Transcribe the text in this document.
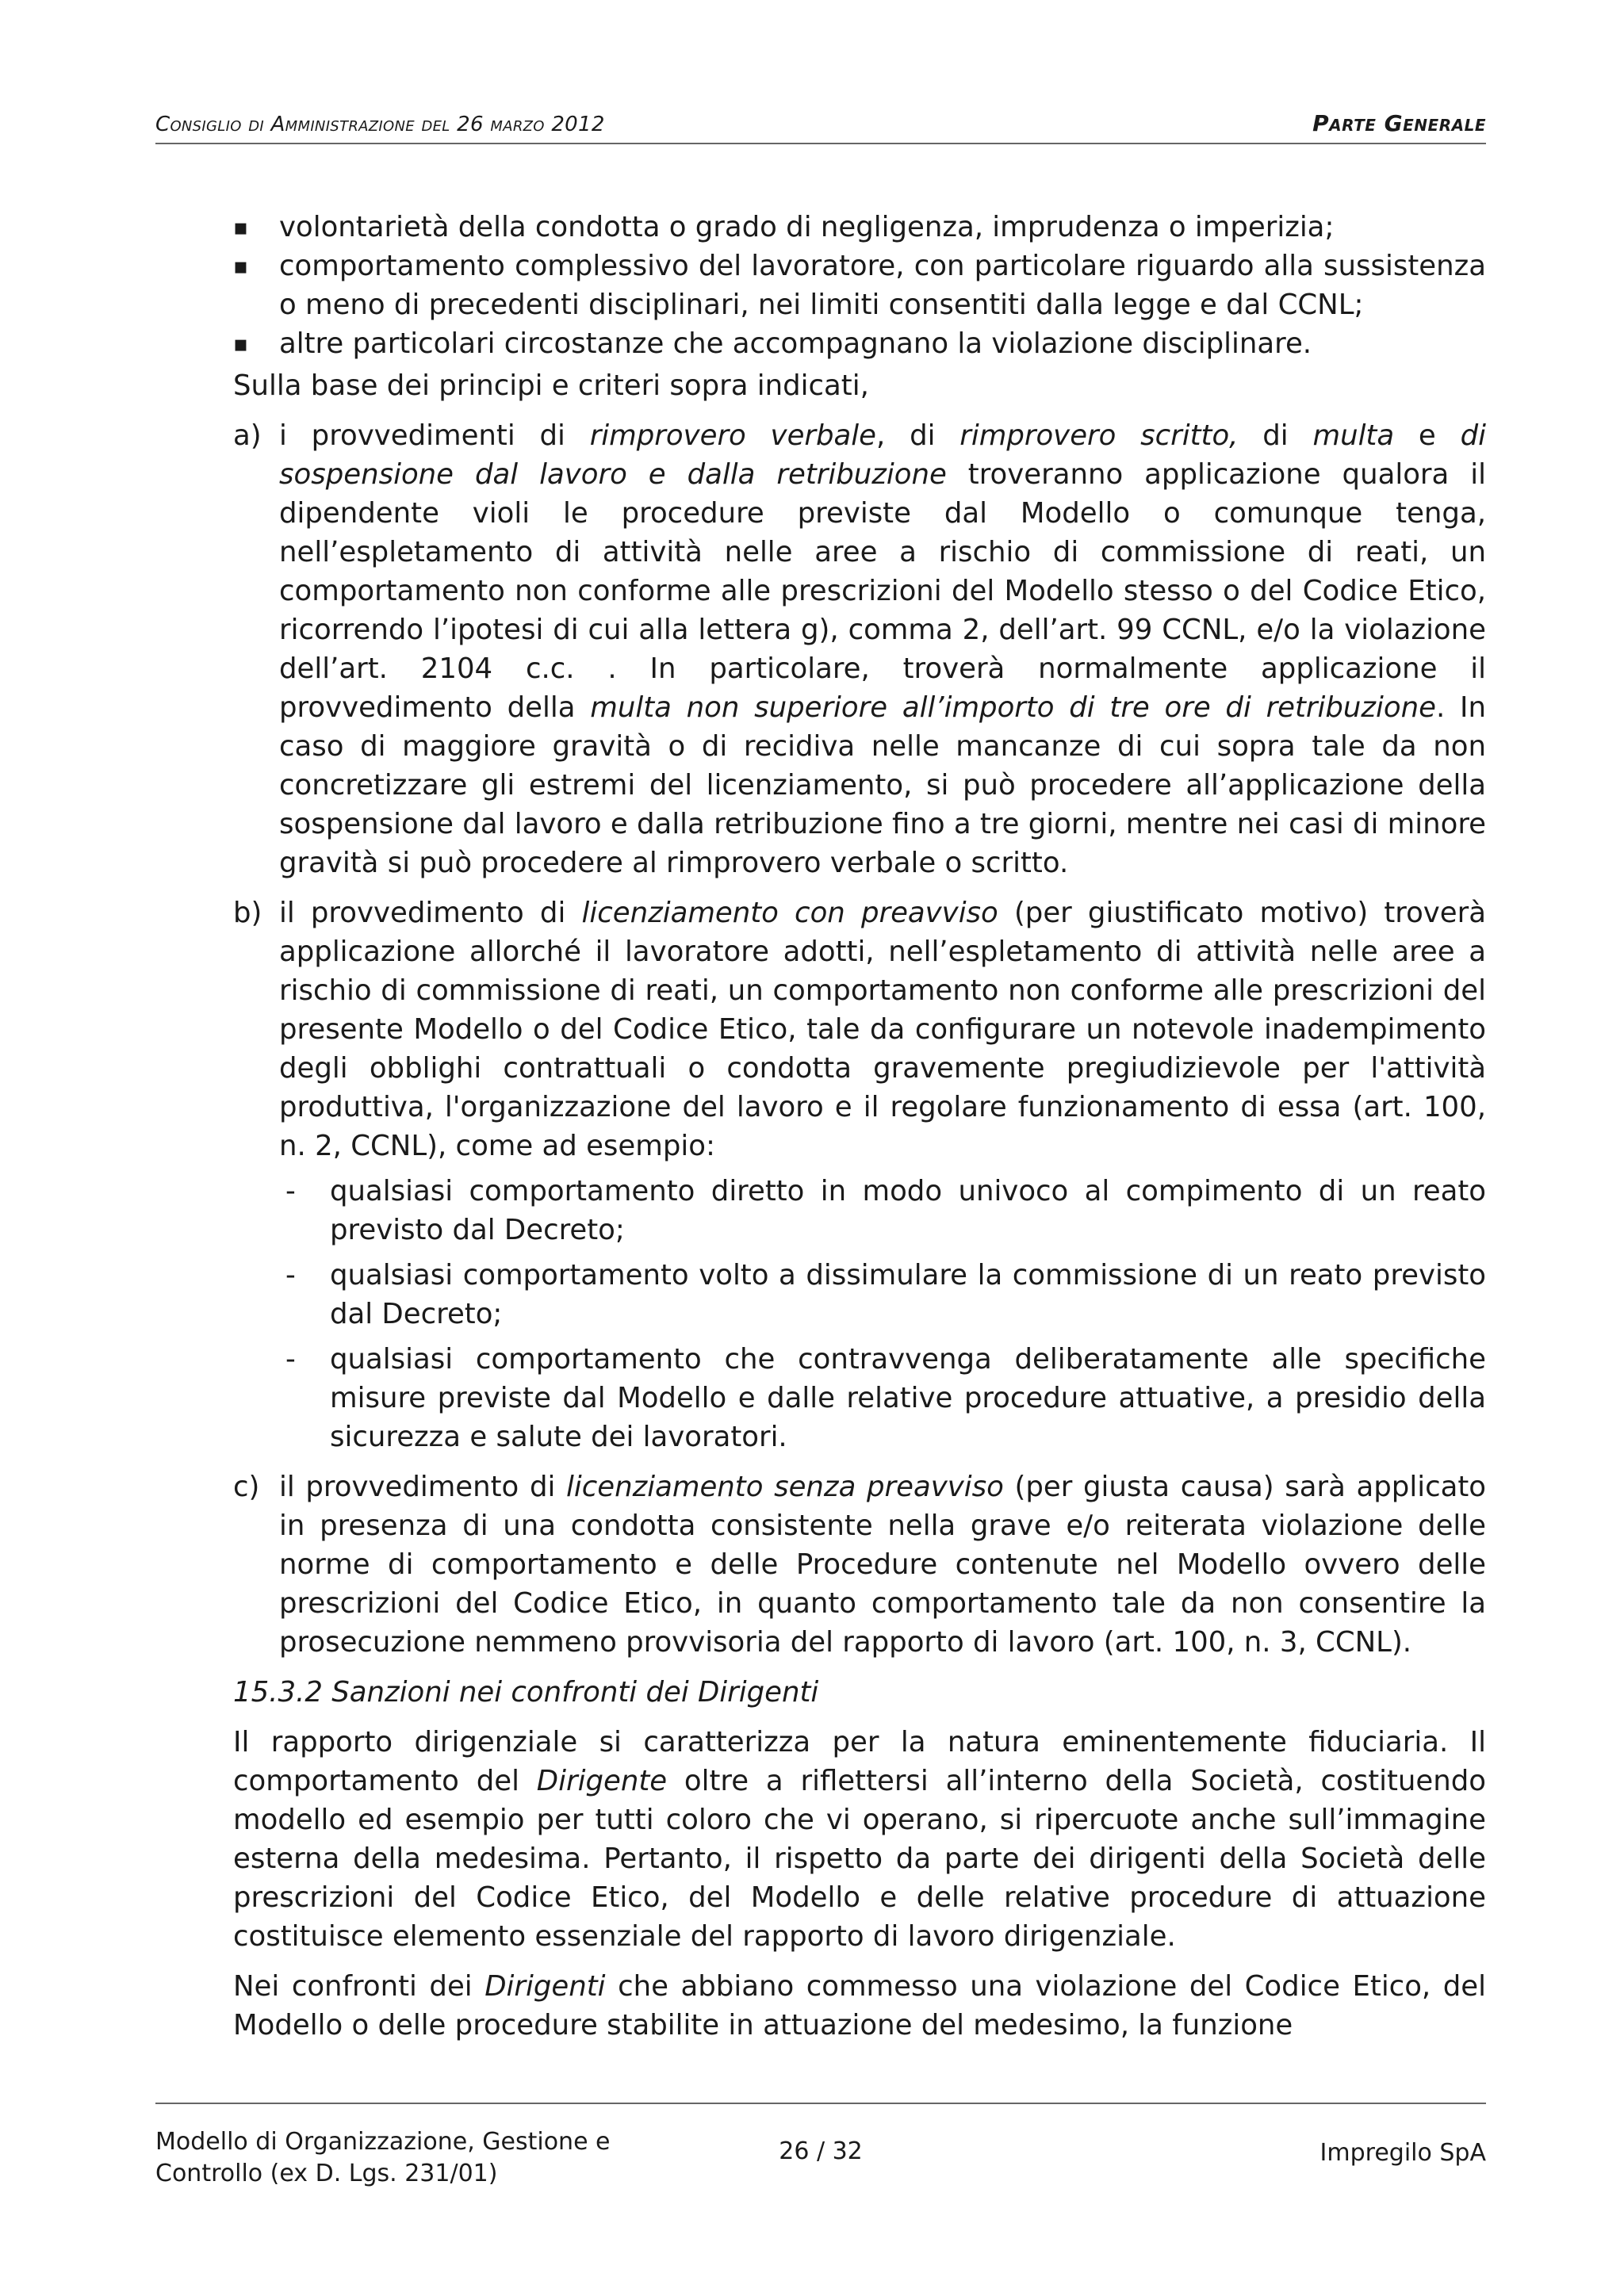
Consiglio di Amministrazione del 26 marzo 2012	Parte Generale
▪ volontarietà della condotta o grado di negligenza, imprudenza o imperizia;
▪ comportamento complessivo del lavoratore, con particolare riguardo alla sussistenza o meno di precedenti disciplinari, nei limiti consentiti dalla legge e dal CCNL;
▪ altre particolari circostanze che accompagnano la violazione disciplinare.

Sulla base dei principi e criteri sopra indicati,

a) i provvedimenti di rimprovero verbale, di rimprovero scritto, di multa e di sospensione dal lavoro e dalla retribuzione troveranno applicazione qualora il dipendente violi le procedure previste dal Modello o comunque tenga, nell’espletamento di attività nelle aree a rischio di commissione di reati, un comportamento non conforme alle prescrizioni del Modello stesso o del Codice Etico, ricorrendo l’ipotesi di cui alla lettera g), comma 2, dell’art. 99 CCNL, e/o la violazione dell’art. 2104 c.c. . In particolare, troverà normalmente applicazione il provvedimento della multa non superiore all’importo di tre ore di retribuzione. In caso di maggiore gravità o di recidiva nelle mancanze di cui sopra tale da non concretizzare gli estremi del licenziamento, si può procedere all’applicazione della sospensione dal lavoro e dalla retribuzione fino a tre giorni, mentre nei casi di minore gravità si può procedere al rimprovero verbale o scritto.
b) il provvedimento di licenziamento con preavviso (per giustificato motivo) troverà applicazione allorché il lavoratore adotti, nell’espletamento di attività nelle aree a rischio di commissione di reati, un comportamento non conforme alle prescrizioni del presente Modello o del Codice Etico, tale da configurare un notevole inadempimento degli obblighi contrattuali o condotta gravemente pregiudizievole per l'attività produttiva, l'organizzazione del lavoro e il regolare funzionamento di essa (art. 100, n. 2, CCNL), come ad esempio:
- qualsiasi comportamento diretto in modo univoco al compimento di un reato previsto dal Decreto;
- qualsiasi comportamento volto a dissimulare la commissione di un reato previsto dal Decreto;
- qualsiasi comportamento che contravvenga deliberatamente alle specifiche misure previste dal Modello e dalle relative procedure attuative, a presidio della sicurezza e salute dei lavoratori.
c) il provvedimento di licenziamento senza preavviso (per giusta causa) sarà applicato in presenza di una condotta consistente nella grave e/o reiterata violazione delle norme di comportamento e delle Procedure contenute nel Modello ovvero delle prescrizioni del Codice Etico, in quanto comportamento tale da non consentire la prosecuzione nemmeno provvisoria del rapporto di lavoro (art. 100, n. 3, CCNL).

15.3.2 Sanzioni nei confronti dei Dirigenti

Il rapporto dirigenziale si caratterizza per la natura eminentemente fiduciaria. Il comportamento del Dirigente oltre a riflettersi all’interno della Società, costituendo modello ed esempio per tutti coloro che vi operano, si ripercuote anche sull’immagine esterna della medesima. Pertanto, il rispetto da parte dei dirigenti della Società delle prescrizioni del Codice Etico, del Modello e delle relative procedure di attuazione costituisce elemento essenziale del rapporto di lavoro dirigenziale.

Nei confronti dei Dirigenti che abbiano commesso una violazione del Codice Etico, del Modello o delle procedure stabilite in attuazione del medesimo, la funzione

Modello di Organizzazione, Gestione e
Controllo (ex D. Lgs. 231/01)
26 / 32	Impregilo SpA
